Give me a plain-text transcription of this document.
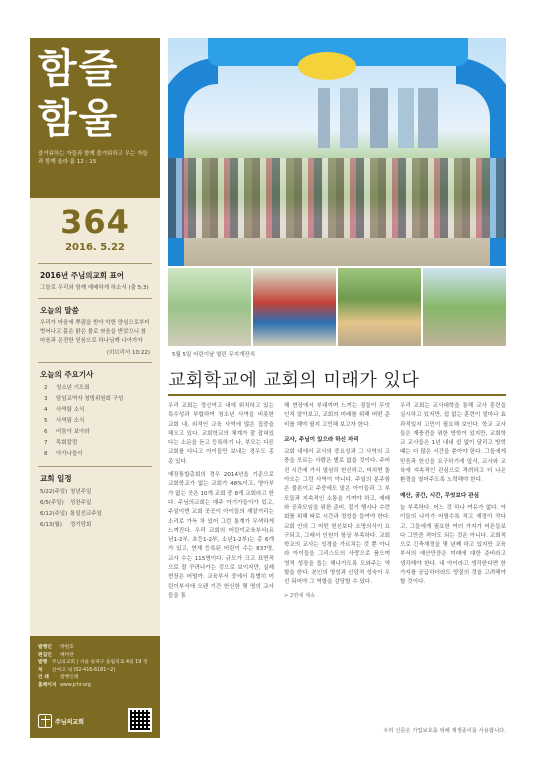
함즐 함울
즐거워하는 자들과 함께 즐거워하고 우는 자들과 함께 울라 롬 12 : 15
364
2016. 5.22
2016년 주님의교회 표어
그들로 우리와 함께 예배하게 하소서 (출 5:3)
오늘의 말씀
우리가 마음에 뿌림을 받아 악한 양심으로부터 벗어나고 몸은 맑은 물로 씻음을 받았으니 참 마음과 온전한 믿음으로 하나님께 나아가자
(히브리서 10:22)
오늘의 주요기사
2	청소년 기도회
3	담임교역자 청빙위원회 구성
4	사역팀 소식
5	사역팀 소식
6	어둠아 보아라
7	목회칼럼
8	아가나들이
교회 일정
5/22(주일) 청년주일
6/5(주일)	성찬주일
6/12(주일) 통일선교주일
6/13(월)	정기당회
발행인	박원호
편집인	배미란
발행처
주님의교회 | 서울 송파구 올림픽로 4길 19 정신여고 내 (02-416-6181~2)
인 쇄	칼뱅인쇄
홈페이지 www.jchr.org
주님의교회
5월 5일 어린이날 열린 무지개잔치
교회학교에 교회의 미래가 있다

우리 교회는 정신여고 내에 위치하고 있는 특수성과 부합하여 청소년 사역을 비롯한 교회 내, 외적인 교육 사역에 많은 집중을 해오고 있다. 교회학교의 체계가 잘 잡혀있다는 소문을 듣고 등록하기 나, 부모는 다른 교회를 다니고 아이들만 보내는 경우도 종종 있다.

예장통합총회의 경우 2014년을 기준으로 교회학교가 없는 교회가 48%이고, 영아부가 없는 곳은 10개 교회 중 8개 교회라고 한다. 주님의교회는 매주 아기가들이가 있고, 주일이면 교회 곳곳이 아이들의 재잘거리는 소리로 가득 차 있어 그런 통계가 무색하게 느껴진다. 우리 교회의 어린이교육부서(유년1-2부, 초등1-2부, 소년1-2부)는 총 6개가 있고, 현재 등록된 어린이 수는 837명, 교사 수는 115명이다. 규모가 크고 표면적으로 잘 꾸려나가는 것으로 보이지만, 실제 현장은 어떨까. 교육부서 중에서 특별히 어린이부서에 오랜 기간 헌신한 몇 명의 교사들을 통

해 현장에서 부대끼며 느끼는 점들이 무엇인지 알아보고, 교회의 미래를 위해 어떤 준비를 해야 필지 고민해 보고자 한다.

교사, 주님이 있으라 하신 자리

교회 내에서 교사의 중요성과 그 사역의 고충을 모르는 사람은 별로 없을 것이다. 주어진 시간에 가서 열심히 헌신하고, 마치면 돌아오는 그런 사역이 아니다. 주일의 분주함은 물론이고 주중에도 맡은 아이들과 그 부모들과 지속적인 소통을 가져야 하고, 예배와 공과모임을 위한 준비, 절기 행사나 수련회를 위해 따로 시간과 정성을 들여야 한다. 교회 안의 그 어떤 헌신보다 소명의식이 요구되고, 그래서 인원이 항상 부족하다. 교회학교의 교사는 성경을 가르치는 것 뿐 아니라 아이들을 그리스도의 사랑으로 품으며 영적 성장을 돕는 해나가도록 도와주는 역할을 한다. 본인의 영성과 신앙적 성숙이 우선 되어야 그 역할을 감당할 수 있다.

> 2면에 계속

우리 교회는 교사대학을 통해 교사 훈련을 실시하고 있지만, 쉼 없는 훈련이 얼마나 효과적일지 고민이 필요해 보인다. 학교 교사들은 재충전을 위한 방학이 있지만, 교회학교 교사들은 1년 내내 쉼 없이 달리고 방학 때는 더 많은 시간을 쏟아야 한다. 그들에게 믿음과 헌신을 요구하기에 앞서, 교사와 교육에 지속적인 관심으로 격려하고 더 나은 환경을 열어주도록 노력해야 한다.

예산, 공간, 시간, 무엇보다 관심

늘 부족하다. 어느 것 하나 여유가 없다. 아이들의 나이가 어릴수록 적고 재정이 작다고, 그들에게 필요한 여러 가지가 어른들보다 그만큼 적어도 되는 것은 아니다. 교회적으로 긴축재정을 몇 년째 하고 있지만 교육부서의 예산만큼은 미래에 대한 준비라고 생각해야 한다. 내 아이라고 생각한다면 한 가지를 공급하더라도 양질의 것을 고려해야 할 것이다.

우리 신문은 기업보호를 위해 재생종이를 사용합니다.
